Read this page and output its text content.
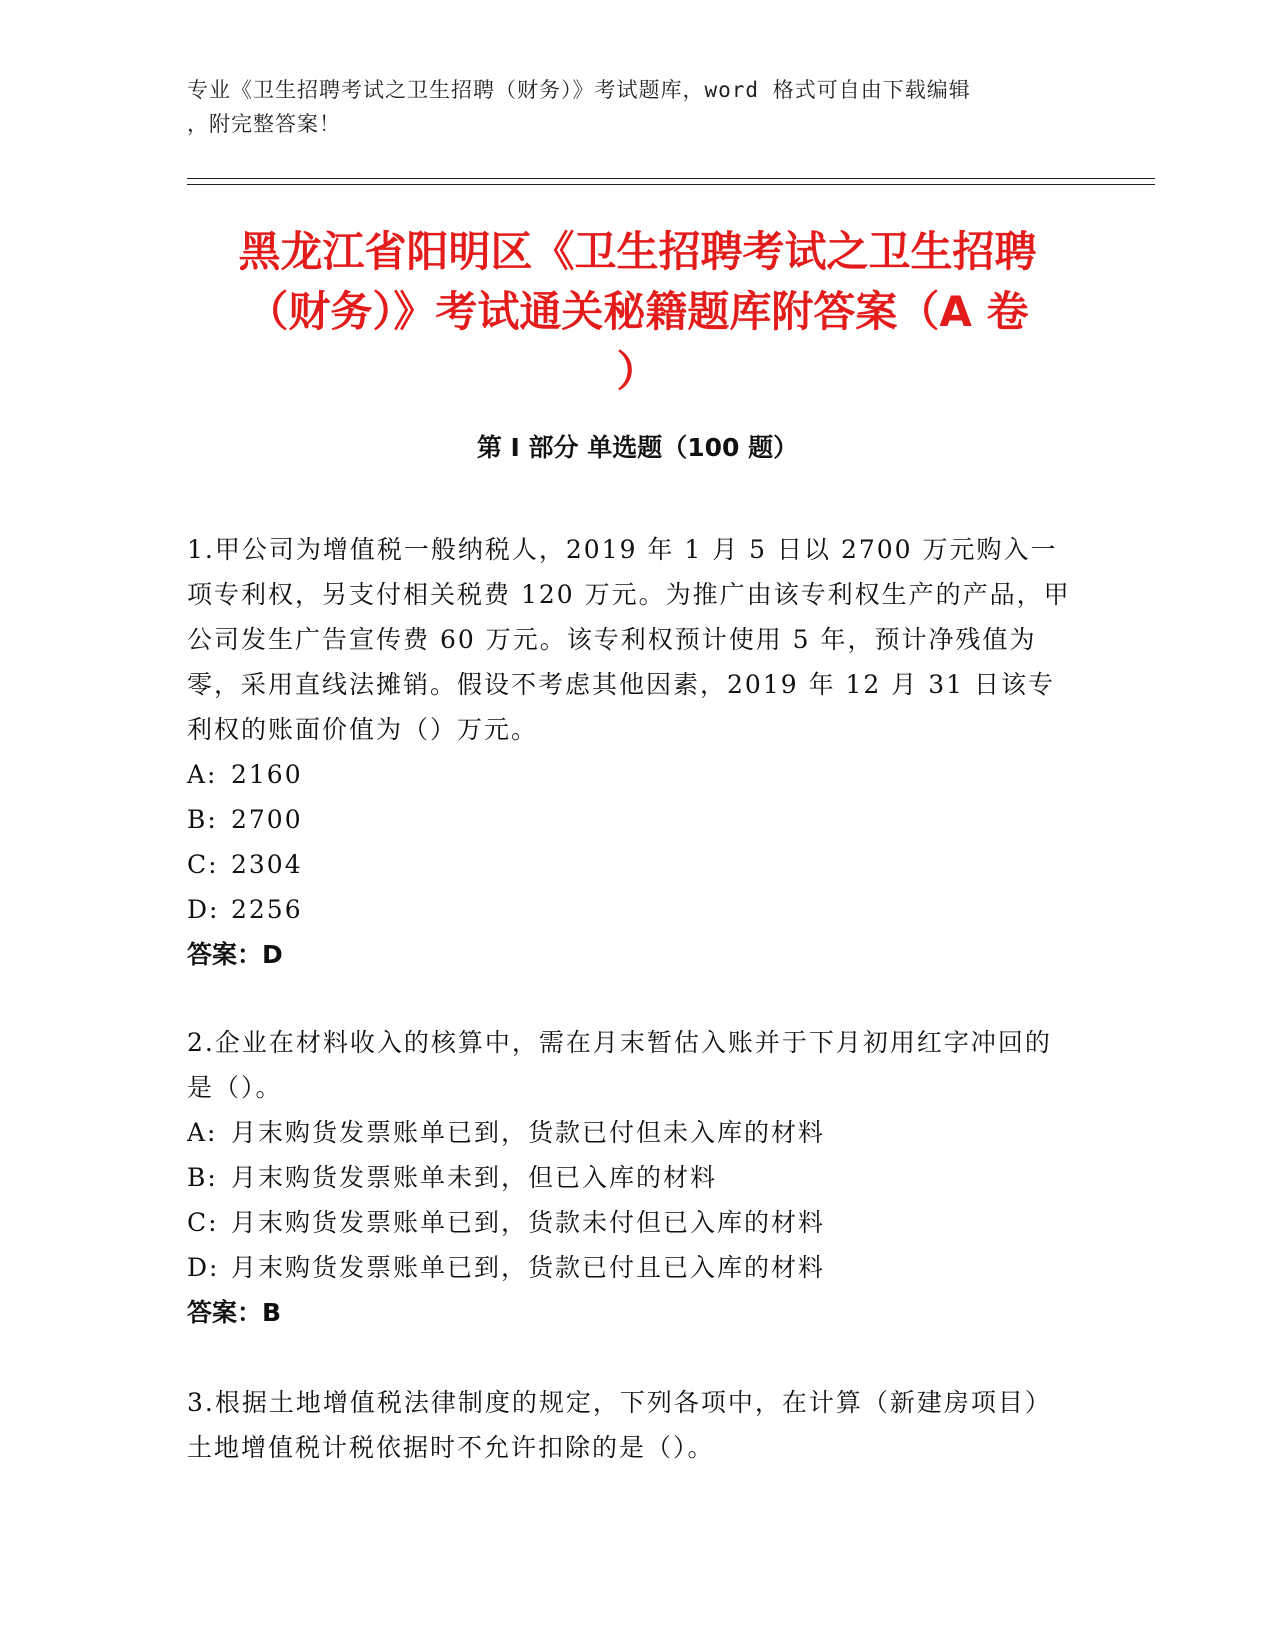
专业《卫生招聘考试之卫生招聘（财务）》考试题库，word 格式可自由下载编辑
，附完整答案！
黑龙江省阳明区《卫生招聘考试之卫生招聘
（财务）》考试通关秘籍题库附答案（A 卷
）
第 I 部分 单选题（100 题）

1.甲公司为增值税一般纳税人，2019 年 1 月 5 日以 2700 万元购入一项专利权，另支付相关税费 120 万元。为推广由该专利权生产的产品，甲公司发生广告宣传费 60 万元。该专利权预计使用 5 年，预计净残值为零，采用直线法摊销。假设不考虑其他因素，2019 年 12 月 31 日该专利权的账面价值为（）万元。

A: 2160
B: 2700
C: 2304
D: 2256

答案：D

2.企业在材料收入的核算中，需在月末暂估入账并于下月初用红字冲回的是（）。

A: 月末购货发票账单已到，货款已付但未入库的材料
B: 月末购货发票账单未到，但已入库的材料
C: 月末购货发票账单已到，货款未付但已入库的材料
D: 月末购货发票账单已到，货款已付且已入库的材料

答案：B

3.根据土地增值税法律制度的规定，下列各项中，在计算（新建房项目）土地增值税计税依据时不允许扣除的是（）。
